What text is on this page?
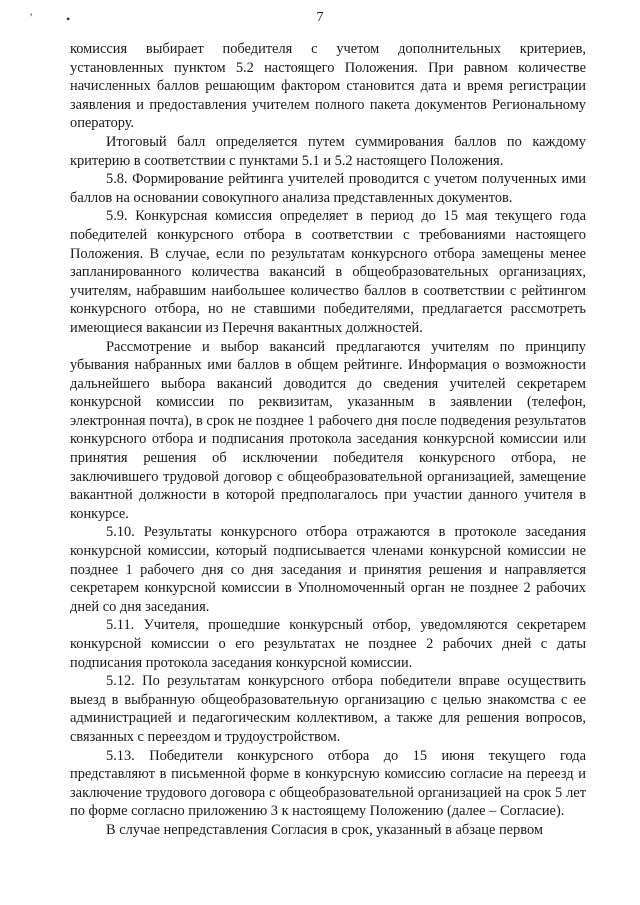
'	•	7

комиссия выбирает победителя с учетом дополнительных критериев, установленных пунктом 5.2 настоящего Положения. При равном количестве начисленных баллов решающим фактором становится дата и время регистрации заявления и предоставления учителем полного пакета документов Региональному оператору.

Итоговый балл определяется путем суммирования баллов по каждому критерию в соответствии с пунктами 5.1 и 5.2 настоящего Положения.

5.8. Формирование рейтинга учителей проводится с учетом полученных ими баллов на основании совокупного анализа представленных документов.

5.9. Конкурсная комиссия определяет в период до 15 мая текущего года победителей конкурсного отбора в соответствии с требованиями настоящего Положения. В случае, если по результатам конкурсного отбора замещены менее запланированного количества вакансий в общеобразовательных организациях, учителям, набравшим наибольшее количество баллов в соответствии с рейтингом конкурсного отбора, но не ставшими победителями, предлагается рассмотреть имеющиеся вакансии из Перечня вакантных должностей.

Рассмотрение и выбор вакансий предлагаются учителям по принципу убывания набранных ими баллов в общем рейтинге. Информация о возможности дальнейшего выбора вакансий доводится до сведения учителей секретарем конкурсной комиссии по реквизитам, указанным в заявлении (телефон, электронная почта), в срок не позднее 1 рабочего дня после подведения результатов конкурсного отбора и подписания протокола заседания конкурсной комиссии или принятия решения об исключении победителя конкурсного отбора, не заключившего трудовой договор с общеобразовательной организацией, замещение вакантной должности в которой предполагалось при участии данного учителя в конкурсе.

5.10. Результаты конкурсного отбора отражаются в протоколе заседания конкурсной комиссии, который подписывается членами конкурсной комиссии не позднее 1 рабочего дня со дня заседания и принятия решения и направляется секретарем конкурсной комиссии в Уполномоченный орган не позднее 2 рабочих дней со дня заседания.

5.11. Учителя, прошедшие конкурсный отбор, уведомляются секретарем конкурсной комиссии о его результатах не позднее 2 рабочих дней с даты подписания протокола заседания конкурсной комиссии.

5.12. По результатам конкурсного отбора победители вправе осуществить выезд в выбранную общеобразовательную организацию с целью знакомства с ее администрацией и педагогическим коллективом, а также для решения вопросов, связанных с переездом и трудоустройством.

5.13. Победители конкурсного отбора до 15 июня текущего года представляют в письменной форме в конкурсную комиссию согласие на переезд и заключение трудового договора с общеобразовательной организацией на срок 5 лет по форме согласно приложению 3 к настоящему Положению (далее – Согласие).

В случае непредставления Согласия в срок, указанный в абзаце первом
